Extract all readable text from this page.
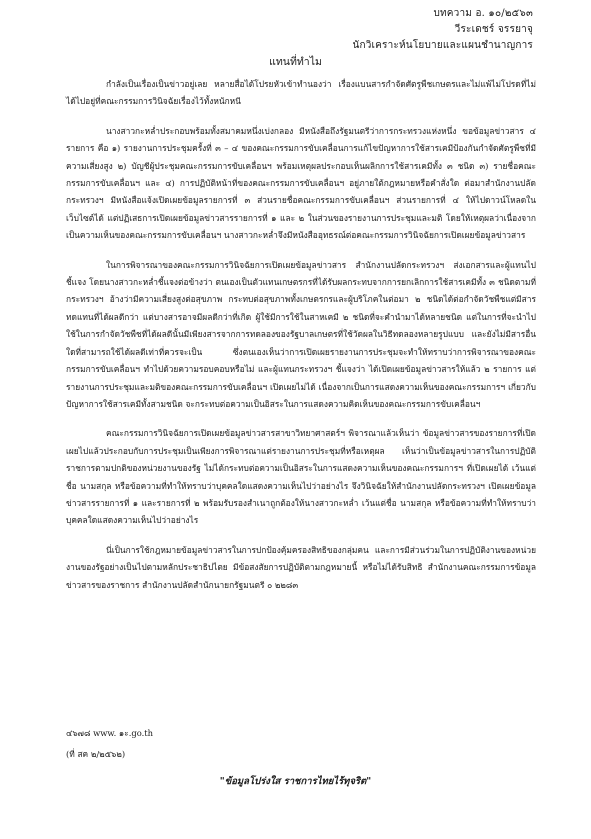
บทความ อ. ๑๐/๒๕๖๓
วีระเดชร์ จรรยาจุ
นักวิเคราะห์นโยบายและแผนชำนาญการ
แทนที่ทำไม

กำลังเป็นเรื่องเป็นข่าวอยู่เลย หลายสื่อได้โปรยหัวเข้าทำนองว่า เรื่องแบนสารกำจัดศัตรูพืชเกษตรและไม่แพ้ไม่โปรดที่ไม่ได้ไปอยู่ที่คณะกรรมการวินิจฉัยเรื่องไว้ทั้งหนักหนี

นางสาวกะหล่ำประกอบพร้อมทั้งสมาคมหนึ่งเบ่งกลอง มีหนังสือถึงรัฐมนตรีว่าการกระทรวงแห่งหนึ่ง ขอข้อมูลข่าวสาร ๔ รายการ คือ ๑) รายงานการประชุมครั้งที่ ๓ – ๔ ของคณะกรรมการขับเคลื่อนการแก้ไขปัญหาการใช้สารเคมีป้องกันกำจัดศัตรูพืชที่มีความเสี่ยงสูง ๒) บัญชีผู้ประชุมคณะกรรมการขับเคลื่อนฯ พร้อมเหตุผลประกอบเห็นผลิกการใช้สารเคมีทั้ง ๓ ชนิด ๓) รายชื่อคณะกรรมการขับเคลื่อนฯ และ ๔) การปฏิบัติหน้าที่ของคณะกรรมการขับเคลื่อนฯ อยู่ภายใต้กฎหมายหรือคำสั่งใด ต่อมาสำนักงานปลัดกระทรวงฯ มีหนังสือแจ้งเปิดเผยข้อมูลรายการที่ ๓ ส่วนรายชื่อคณะกรรมการขับเคลื่อนฯ ส่วนรายการที่ ๔ ให้ไปดาวน์โหลดในเว็บไซต์ได้ แต่ปฏิเสธการเปิดเผยข้อมูลข่าวสารรายการที่ ๑ และ ๒ ในส่วนของรายงานการประชุมและมติ โดยให้เหตุผลว่าเนื่องจากเป็นความเห็นของคณะกรรมการขับเคลื่อนฯ นางสาวกะหล่ำจึงมีหนังสืออุทธรณ์ต่อคณะกรรมการวินิจฉัยการเปิดเผยข้อมูลข่าวสาร

ในการพิจารณาของคณะกรรมการวินิจฉัยการเปิดเผยข้อมูลข่าวสาร สำนักงานปลัดกระทรวงฯ ส่งเอกสารและผู้แทนไปชี้แจง โดยนางสาวกะหล่ำชี้แจงต่อข้างว่า ตนเองเป็นตัวแทนเกษตรกรที่ได้รับผลกระทบจากการยกเลิกการใช้สารเคมีทั้ง ๓ ชนิดตามที่กระทรวงฯ อ้างว่ามีความเสี่ยงสูงต่อสุขภาพ กระทบต่อสุขภาพทั้งเกษตรกรและผู้บริโภคในต่อมา ๒ ชนิดได้ต่อกำจัดวัชพืชแต่มีสารทดแทนที่ได้ผลดีกว่า แต่บางสารอาจมีผลดีกว่าที่เกิด ผู้ใช้มีการใช้ในสาหเคมี ๒ ชนิดที่จะคำนำมาได้หลายชนิด แต่ในการที่จะนำไปใช้ในการกำจัดวัชพืชที่ได้ผลดีนั้นมีเพียงสารจากการทดลองของรัฐบาลเกษตรที่ใช้วัดผลในวิธีทดลองหลายรูปแบบ และยังไม่มีสารอื่นใดที่สามารถใช้ได้ผลดีเท่าที่ควรจะเป็น ซึ่งตนเองเห็นว่าการเปิดเผยรายงานการประชุมจะทำให้ทราบว่าการพิจารณาของคณะกรรมการขับเคลื่อนฯ ทำไปด้วยความรอบคอบหรือไม่ และผู้แทนกระทรวงฯ ชี้แจงว่า ได้เปิดเผยข้อมูลข่าวสารให้แล้ว ๒ รายการ แต่รายงานการประชุมและมติของคณะกรรมการขับเคลื่อนฯ เปิดเผยไม่ได้ เนื่องจากเป็นการแสดงความเห็นของคณะกรรมการฯ เกี่ยวกับปัญหาการใช้สารเคมีทั้งสามชนิด จะกระทบต่อความเป็นอิสระในการแสดงความคิดเห็นของคณะกรรมการขับเคลื่อนฯ

คณะกรรมการวินิจฉัยการเปิดเผยข้อมูลข่าวสารสาขาวิทยาศาสตร์ฯ พิจารณาแล้วเห็นว่า ข้อมูลข่าวสารของรายการที่เปิดเผยไปแล้วประกอบกับการประชุมเป็นเพียงการพิจารณาแต่รายงานการประชุมที่หรือเหตุผล เห็นว่าเป็นข้อมูลข่าวสารในการปฏิบัติราชการตามปกติของหน่วยงานของรัฐ ไม่ได้กระทบต่อความเป็นอิสระในการแสดงความเห็นของคณะกรรมการฯ ที่เปิดเผยได้ เว้นแต่ชื่อ นามสกุล หรือข้อความที่ทำให้ทราบว่าบุคคลใดแสดงความเห็นไปว่าอย่างไร จึงวินิจฉัยให้สำนักงานปลัดกระทรวงฯ เปิดเผยข้อมูลข่าวสารรายการที่ ๑ และรายการที่ ๒ พร้อมรับรองสำเนาถูกต้องให้นางสาวกะหล่ำ เว้นแต่ชื่อ นามสกุล หรือข้อความที่ทำให้ทราบว่าบุคคลใดแสดงความเห็นไปว่าอย่างไร

นี่เป็นการใช้กฎหมายข้อมูลข่าวสารในการปกป้องคุ้มครองสิทธิของกลุ่มคน และการมีส่วนร่วมในการปฏิบัติงานของหน่วยงานของรัฐอย่างเป็นไปตามหลักประชาธิปไตย มีข้อสงสัยการปฏิบัติตามกฎหมายนี้ หรือไม่ได้รับสิทธิ สำนักงานคณะกรรมการข้อมูลข่าวสารของราชการ สำนักงานปลัดสำนักนายกรัฐมนตรี ๐ ๒๒๘๓

๔๖๗๘ www. ๑ะ.go.th
(ที่ สค ๒/๒๕๖๒)
"ข้อมูลโปร่งใส ราชการไทยไร้ทุจริต"
